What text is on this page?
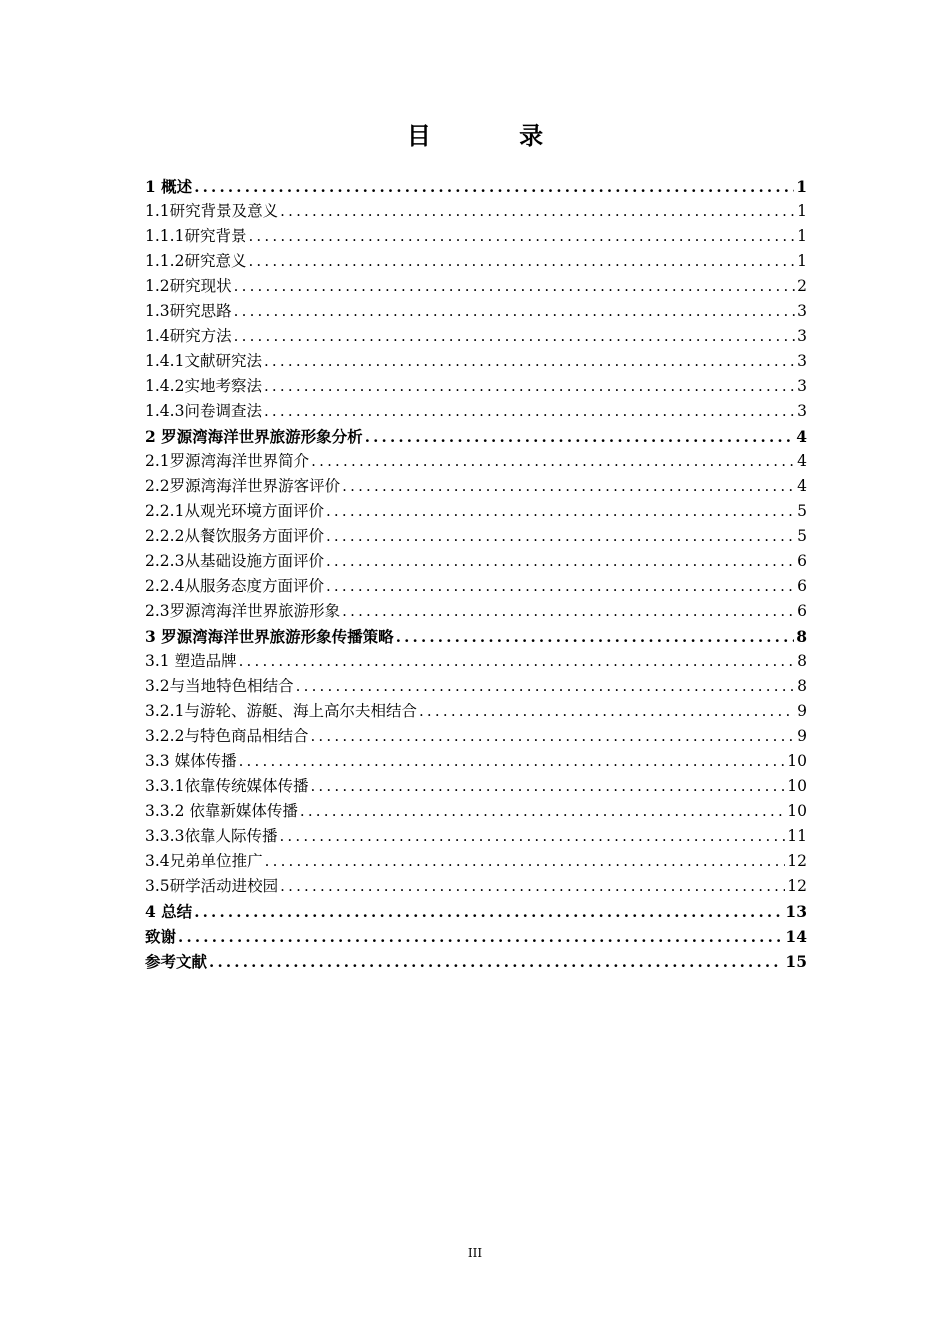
目 录
1 概述 .....	1
1.1研究背景及意义 .....	1
1.1.1研究背景 .....	1
1.1.2研究意义 .....	1
1.2研究现状 .....	2
1.3研究思路 .....	3
1.4研究方法 .....	3
1.4.1文献研究法 .....	3
1.4.2实地考察法 .....	3
1.4.3问卷调查法 .....	3
2 罗源湾海洋世界旅游形象分析 .....	4
2.1罗源湾海洋世界简介 .....	4
2.2罗源湾海洋世界游客评价 .....	4
2.2.1从观光环境方面评价 .....	5
2.2.2从餐饮服务方面评价 .....	5
2.2.3从基础设施方面评价 .....	6
2.2.4从服务态度方面评价 .....	6
2.3罗源湾海洋世界旅游形象 .....	6
3 罗源湾海洋世界旅游形象传播策略 .....	8
3.1 塑造品牌 .....	8
3.2与当地特色相结合 .....	8
3.2.1与游轮、游艇、海上高尔夫相结合 .....	9
3.2.2与特色商品相结合 .....	9
3.3 媒体传播 .....	10
3.3.1依靠传统媒体传播 .....	10
3.3.2 依靠新媒体传播 .....	10
3.3.3依靠人际传播 .....	11
3.4兄弟单位推广 .....	12
3.5研学活动进校园 .....	12
4 总结 .....	13
致谢 .....	14
参考文献 .....	15
III
